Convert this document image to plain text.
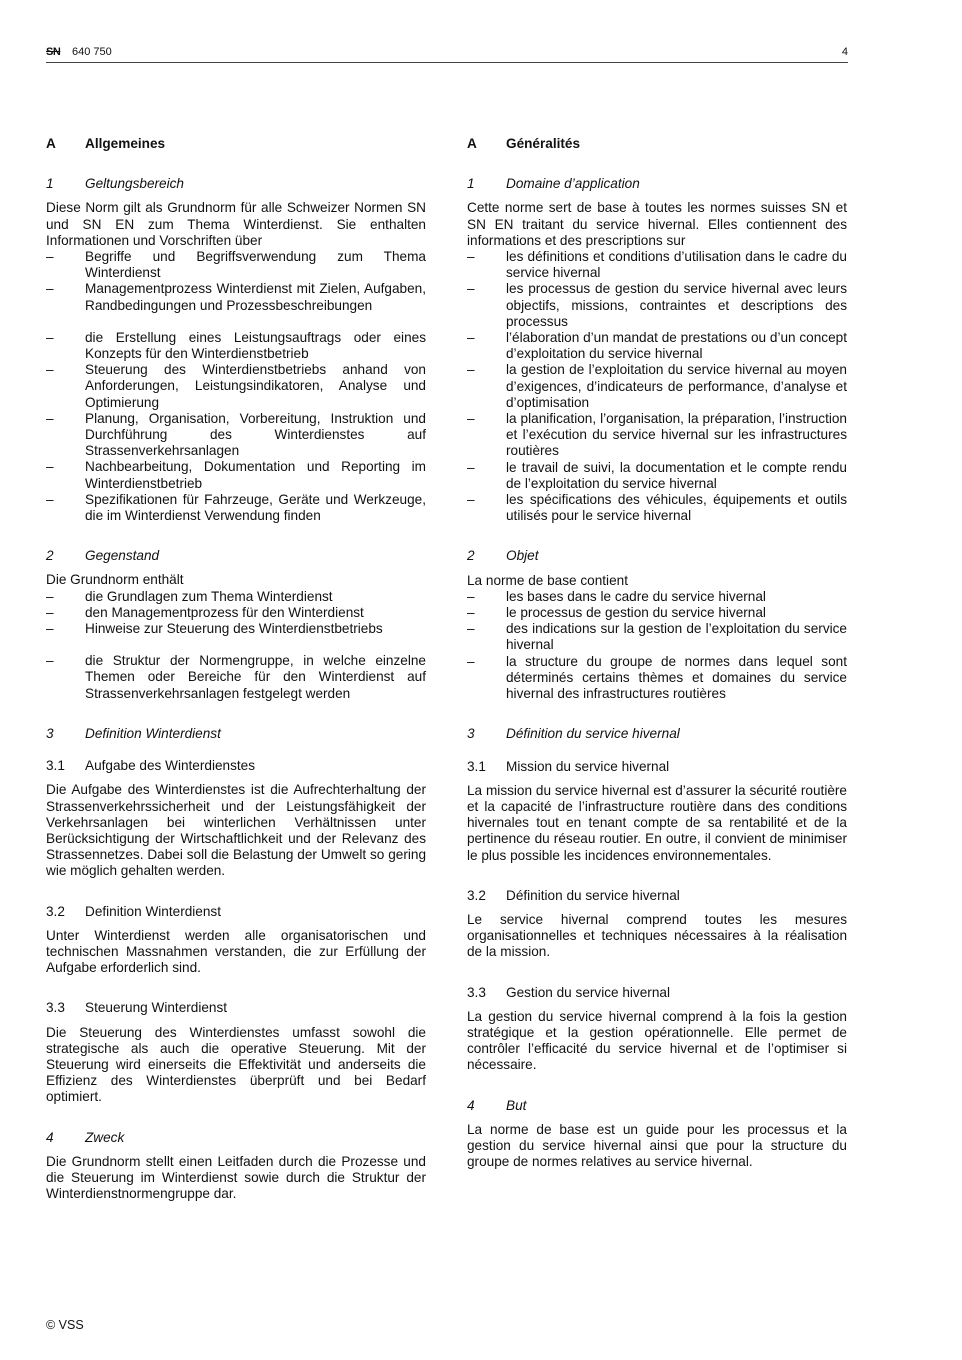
SN 640 750	4
A	Allgemeines
1	Geltungsbereich

Diese Norm gilt als Grundnorm für alle Schweizer Normen SN und SN EN zum Thema Winterdienst. Sie enthalten Informationen und Vorschriften über

–	Begriffe und Begriffsverwendung zum Thema Winterdienst
–	Managementprozess Winterdienst mit Zielen, Aufgaben, Randbedingungen und Prozessbeschreibungen
–	die Erstellung eines Leistungsauftrags oder eines Konzepts für den Winterdienstbetrieb
–	Steuerung des Winterdienstbetriebs anhand von Anforderungen, Leistungsindikatoren, Analyse und Optimierung
–	Planung, Organisation, Vorbereitung, Instruktion und Durchführung des Winterdienstes auf Strassenverkehrsanlagen
–	Nachbearbeitung, Dokumentation und Reporting im Winterdienstbetrieb
–	Spezifikationen für Fahrzeuge, Geräte und Werkzeuge, die im Winterdienst Verwendung finden
2	Gegenstand

Die Grundnorm enthält

–	die Grundlagen zum Thema Winterdienst
–	den Managementprozess für den Winterdienst
–	Hinweise zur Steuerung des Winterdienstbetriebs
–	die Struktur der Normengruppe, in welche einzelne Themen oder Bereiche für den Winterdienst auf Strassenverkehrsanlagen festgelegt werden
3	Definition Winterdienst
3.1	Aufgabe des Winterdienstes

Die Aufgabe des Winterdienstes ist die Aufrechterhaltung der Strassenverkehrssicherheit und der Leistungsfähigkeit der Verkehrsanlagen bei winterlichen Verhältnissen unter Berücksichtigung der Wirtschaftlichkeit und der Relevanz des Strassennetzes. Dabei soll die Belastung der Umwelt so gering wie möglich gehalten werden.

3.2	Definition Winterdienst

Unter Winterdienst werden alle organisatorischen und technischen Massnahmen verstanden, die zur Erfüllung der Aufgabe erforderlich sind.

3.3	Steuerung Winterdienst

Die Steuerung des Winterdienstes umfasst sowohl die strategische als auch die operative Steuerung. Mit der Steuerung wird einerseits die Effektivität und anderseits die Effizienz des Winterdienstes überprüft und bei Bedarf optimiert.

4	Zweck

Die Grundnorm stellt einen Leitfaden durch die Prozesse und die Steuerung im Winterdienst sowie durch die Struktur der Winterdienstnormengruppe dar.

A	Généralités
1	Domaine d’application

Cette norme sert de base à toutes les normes suisses SN et SN EN traitant du service hivernal. Elles contiennent des informations et des prescriptions sur

–	les définitions et conditions d’utilisation dans le cadre du service hivernal
–	les processus de gestion du service hivernal avec leurs objectifs, missions, contraintes et descriptions des processus
–	l’élaboration d’un mandat de prestations ou d’un concept d’exploitation du service hivernal
–	la gestion de l’exploitation du service hivernal au moyen d’exigences, d’indicateurs de performance, d’analyse et d’optimisation
–	la planification, l’organisation, la préparation, l’instruction et l’exécution du service hivernal sur les infrastructures routières
–	le travail de suivi, la documentation et le compte rendu de l’exploitation du service hivernal
–	les spécifications des véhicules, équipements et outils utilisés pour le service hivernal
2	Objet

La norme de base contient

–	les bases dans le cadre du service hivernal
–	le processus de gestion du service hivernal
–	des indications sur la gestion de l’exploitation du service hivernal
–	la structure du groupe de normes dans lequel sont déterminés certains thèmes et domaines du service hivernal des infrastructures routières
3	Définition du service hivernal
3.1	Mission du service hivernal

La mission du service hivernal est d’assurer la sécurité routière et la capacité de l’infrastructure routière dans des conditions hivernales tout en tenant compte de sa rentabilité et de la pertinence du réseau routier. En outre, il convient de minimiser le plus possible les incidences environnementales.

3.2	Définition du service hivernal

Le service hivernal comprend toutes les mesures organisationnelles et techniques nécessaires à la réalisation de la mission.

3.3	Gestion du service hivernal

La gestion du service hivernal comprend à la fois la gestion stratégique et la gestion opérationnelle. Elle permet de contrôler l’efficacité du service hivernal et de l’optimiser si nécessaire.

4	But

La norme de base est un guide pour les processus et la gestion du service hivernal ainsi que pour la structure du groupe de normes relatives au service hivernal.

© VSS
